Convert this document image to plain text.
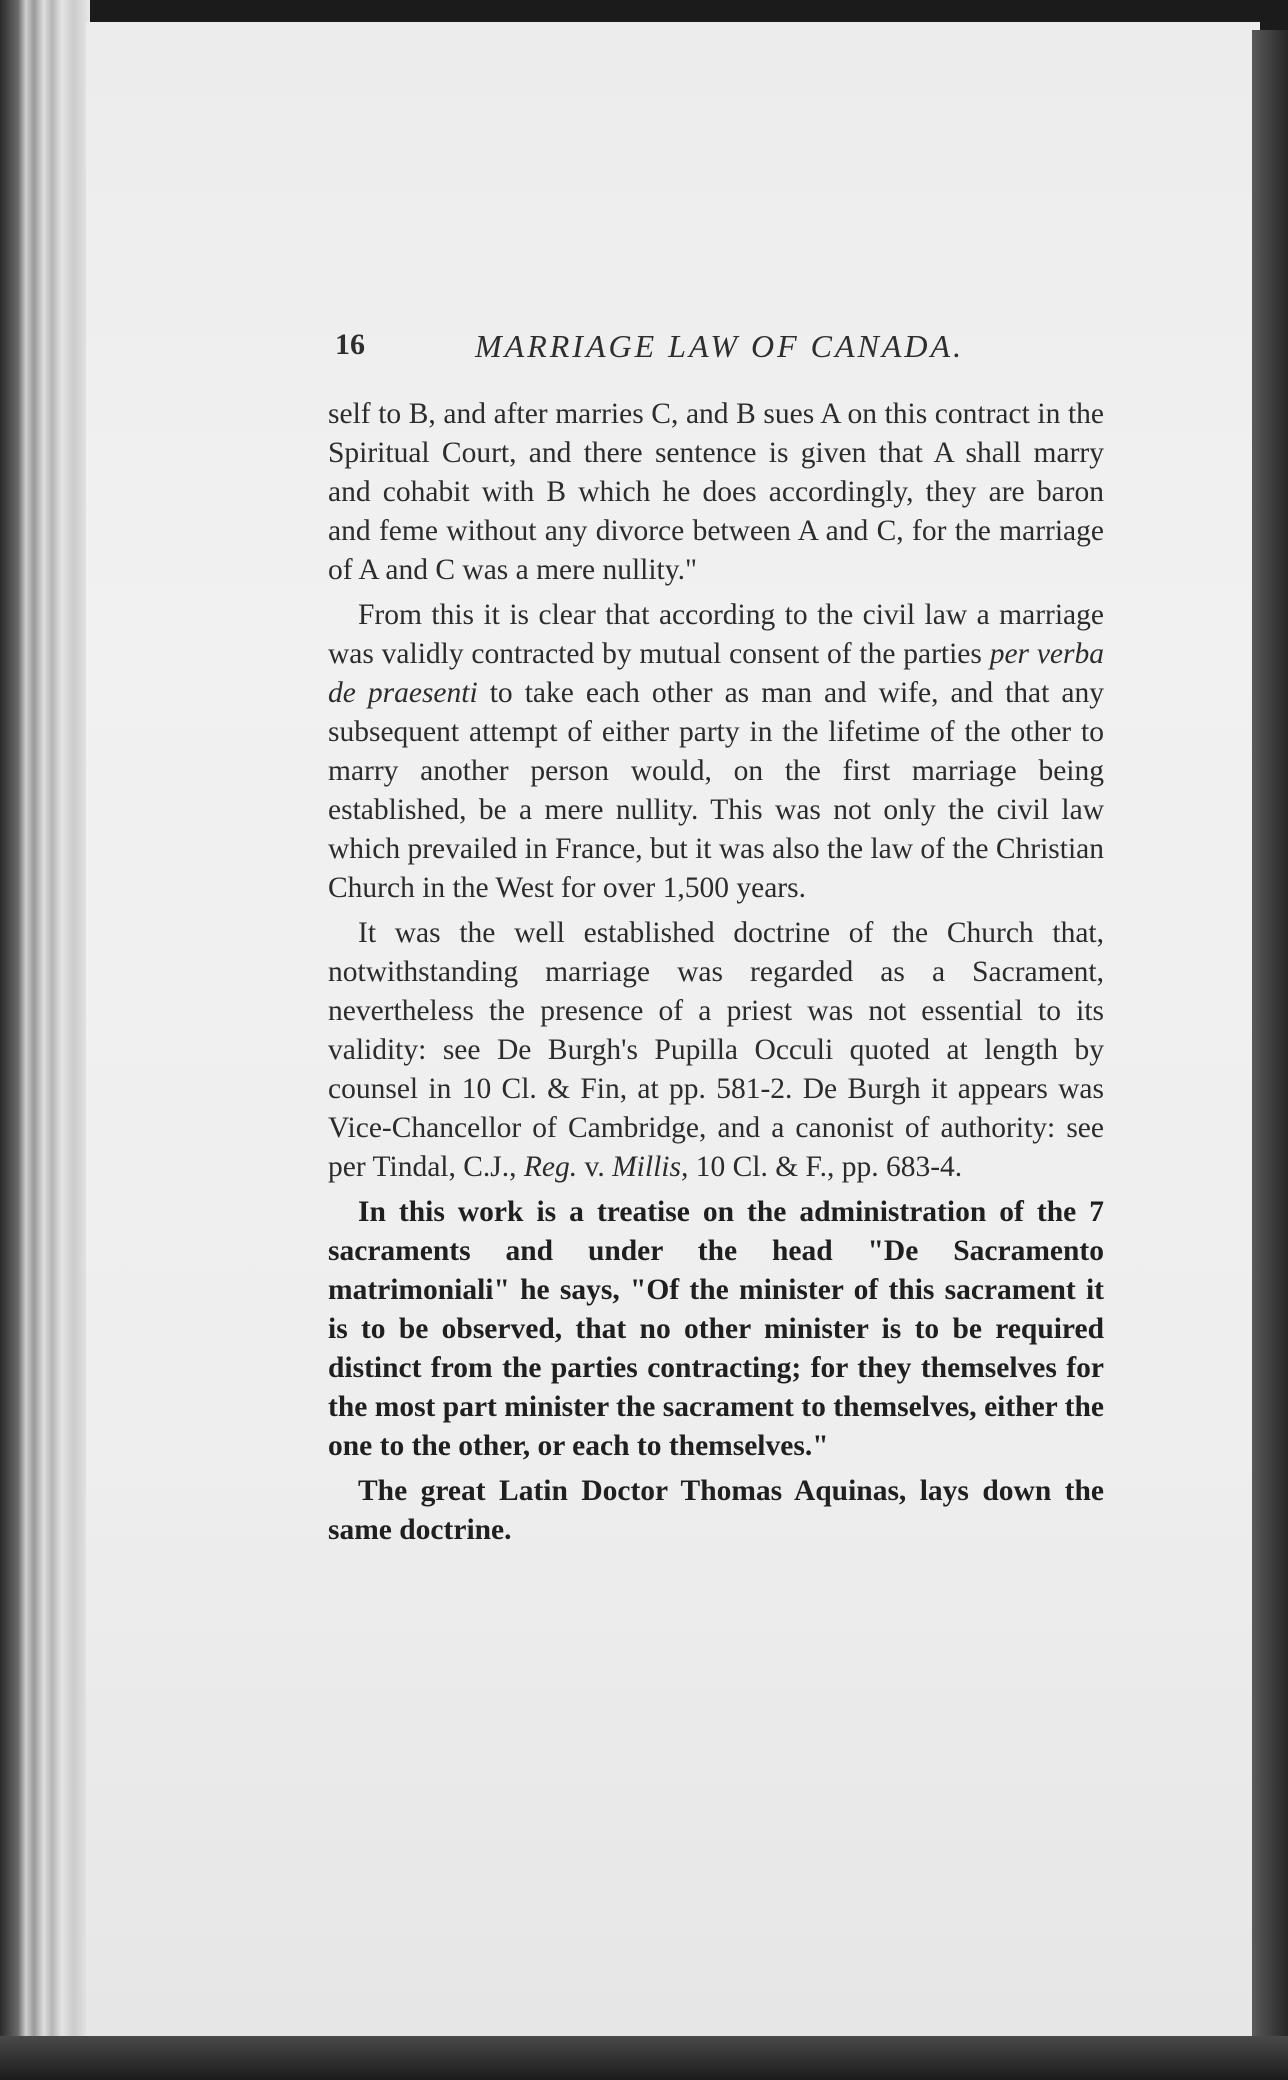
16	MARRIAGE LAW OF CANADA.

self to B, and after marries C, and B sues A on this contract in the Spiritual Court, and there sentence is given that A shall marry and cohabit with B which he does accordingly, they are baron and feme without any divorce between A and C, for the marriage of A and C was a mere nullity."

From this it is clear that according to the civil law a marriage was validly contracted by mutual consent of the parties per verba de praesenti to take each other as man and wife, and that any subsequent attempt of either party in the lifetime of the other to marry another person would, on the first marriage being established, be a mere nullity. This was not only the civil law which prevailed in France, but it was also the law of the Christian Church in the West for over 1,500 years.

It was the well established doctrine of the Church that, notwithstanding marriage was regarded as a Sacrament, nevertheless the presence of a priest was not essential to its validity: see De Burgh's Pupilla Occuli quoted at length by counsel in 10 Cl. & Fin, at pp. 581-2. De Burgh it appears was Vice-Chancellor of Cambridge, and a canonist of authority: see per Tindal, C.J., Reg. v. Millis, 10 Cl. & F., pp. 683-4.

In this work is a treatise on the administration of the 7 sacraments and under the head "De Sacramento matrimoniali" he says, "Of the minister of this sacrament it is to be observed, that no other minister is to be required distinct from the parties contracting; for they themselves for the most part minister the sacrament to themselves, either the one to the other, or each to themselves."

The great Latin Doctor Thomas Aquinas, lays down the same doctrine.
